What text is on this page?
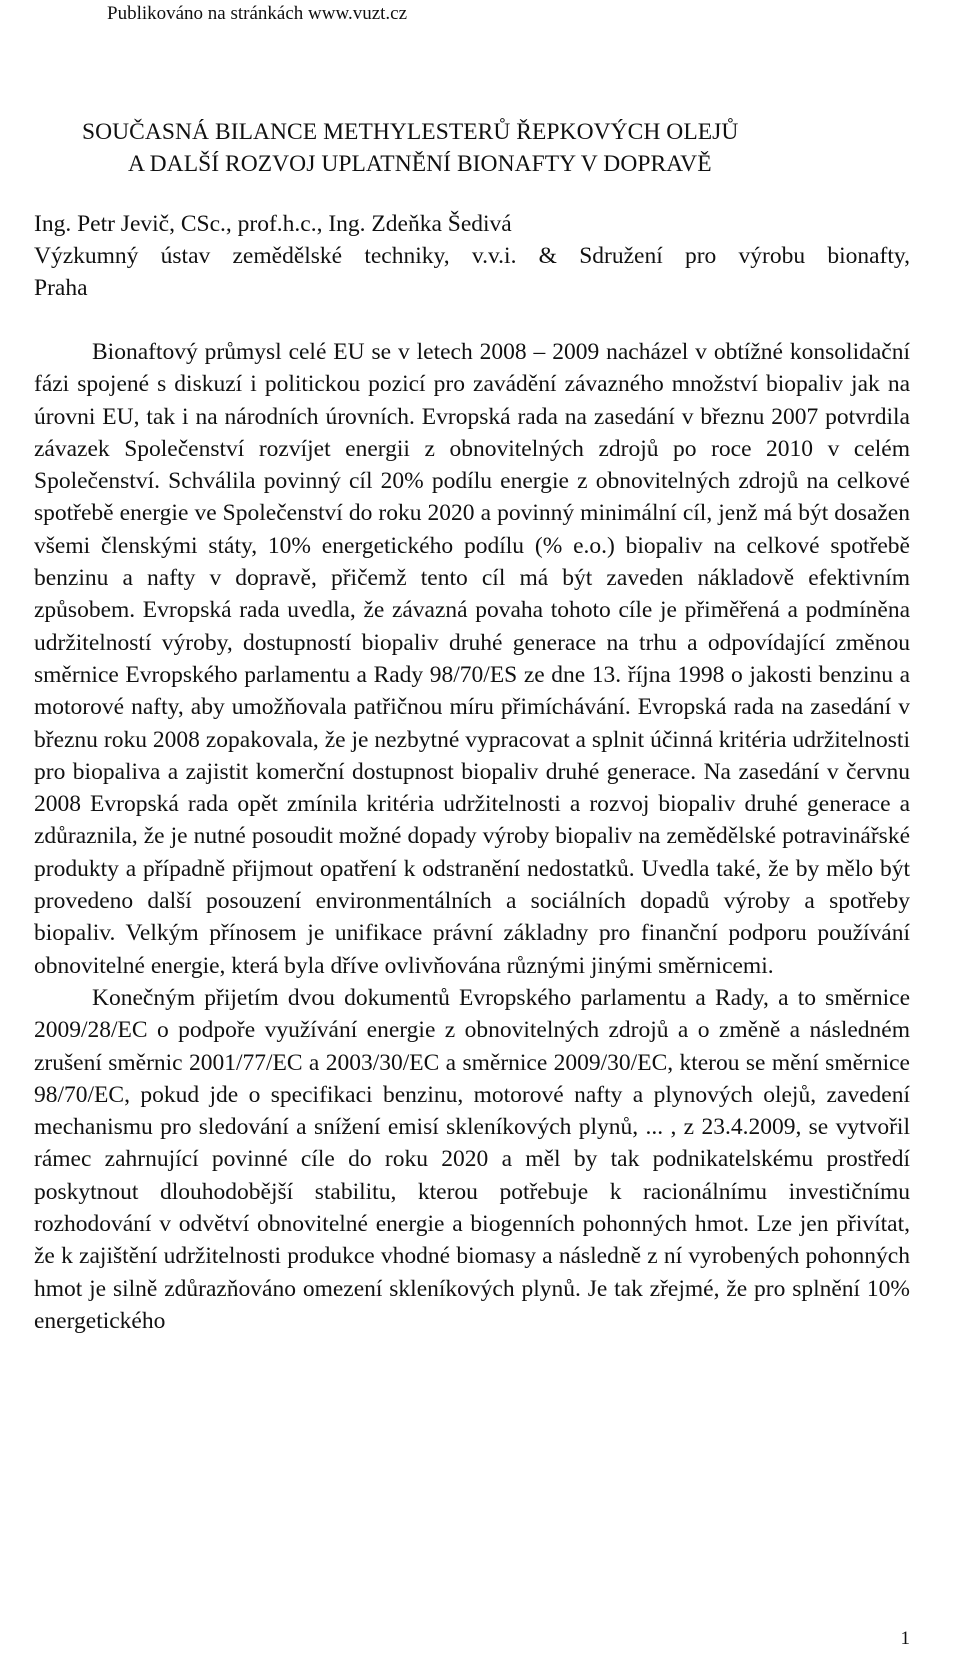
Publikováno na stránkách www.vuzt.cz
SOUČASNÁ BILANCE METHYLESTERŮ ŘEPKOVÝCH OLEJŮ
A DALŠÍ ROZVOJ UPLATNĚNÍ BIONAFTY V DOPRAVĚ
Ing. Petr Jevič, CSc., prof.h.c., Ing. Zdeňka Šedivá
Výzkumný ústav zemědělské techniky, v.v.i. & Sdružení pro výrobu bionafty,
Praha

Bionaftový průmysl celé EU se v letech 2008 – 2009 nacházel v obtížné konsolidační fázi spojené s diskuzí i politickou pozicí pro zavádění závazného množství biopaliv jak na úrovni EU, tak i na národních úrovních. Evropská rada na zasedání v březnu 2007 potvrdila závazek Společenství rozvíjet energii z obnovitelných zdrojů po roce 2010 v celém Společenství. Schválila povinný cíl 20% podílu energie z obnovitelných zdrojů na celkové spotřebě energie ve Společenství do roku 2020 a povinný minimální cíl, jenž má být dosažen všemi členskými státy, 10% energetického podílu (% e.o.) biopaliv na celkové spotřebě benzinu a nafty v dopravě, přičemž tento cíl má být zaveden nákladově efektivním způsobem. Evropská rada uvedla, že závazná povaha tohoto cíle je přiměřená a podmíněna udržitelností výroby, dostupností biopaliv druhé generace na trhu a odpovídající změnou směrnice Evropského parlamentu a Rady 98/70/ES ze dne 13. října 1998 o jakosti benzinu a motorové nafty, aby umožňovala patřičnou míru přimíchávání. Evropská rada na zasedání v březnu roku 2008 zopakovala, že je nezbytné vypracovat a splnit účinná kritéria udržitelnosti pro biopaliva a zajistit komerční dostupnost biopaliv druhé generace. Na zasedání v červnu 2008 Evropská rada opět zmínila kritéria udržitelnosti a rozvoj biopaliv druhé generace a zdůraznila, že je nutné posoudit možné dopady výroby biopaliv na zemědělské potravinářské produkty a případně přijmout opatření k odstranění nedostatků. Uvedla také, že by mělo být provedeno další posouzení environmentálních a sociálních dopadů výroby a spotřeby biopaliv. Velkým přínosem je unifikace právní základny pro finanční podporu používání obnovitelné energie, která byla dříve ovlivňována různými jinými směrnicemi.

Konečným přijetím dvou dokumentů Evropského parlamentu a Rady, a to směrnice 2009/28/EC o podpoře využívání energie z obnovitelných zdrojů a o změně a následném zrušení směrnic 2001/77/EC a 2003/30/EC a směrnice 2009/30/EC, kterou se mění směrnice 98/70/EC, pokud jde o specifikaci benzinu, motorové nafty a plynových olejů, zavedení mechanismu pro sledování a snížení emisí skleníkových plynů, ... , z 23.4.2009, se vytvořil rámec zahrnující povinné cíle do roku 2020 a měl by tak podnikatelskému prostředí poskytnout dlouhodobější stabilitu, kterou potřebuje k racionálnímu investičnímu rozhodování v odvětví obnovitelné energie a biogenních pohonných hmot. Lze jen přivítat, že k zajištění udržitelnosti produkce vhodné biomasy a následně z ní vyrobených pohonných hmot je silně zdůrazňováno omezení skleníkových plynů. Je tak zřejmé, že pro splnění 10% energetického

1
